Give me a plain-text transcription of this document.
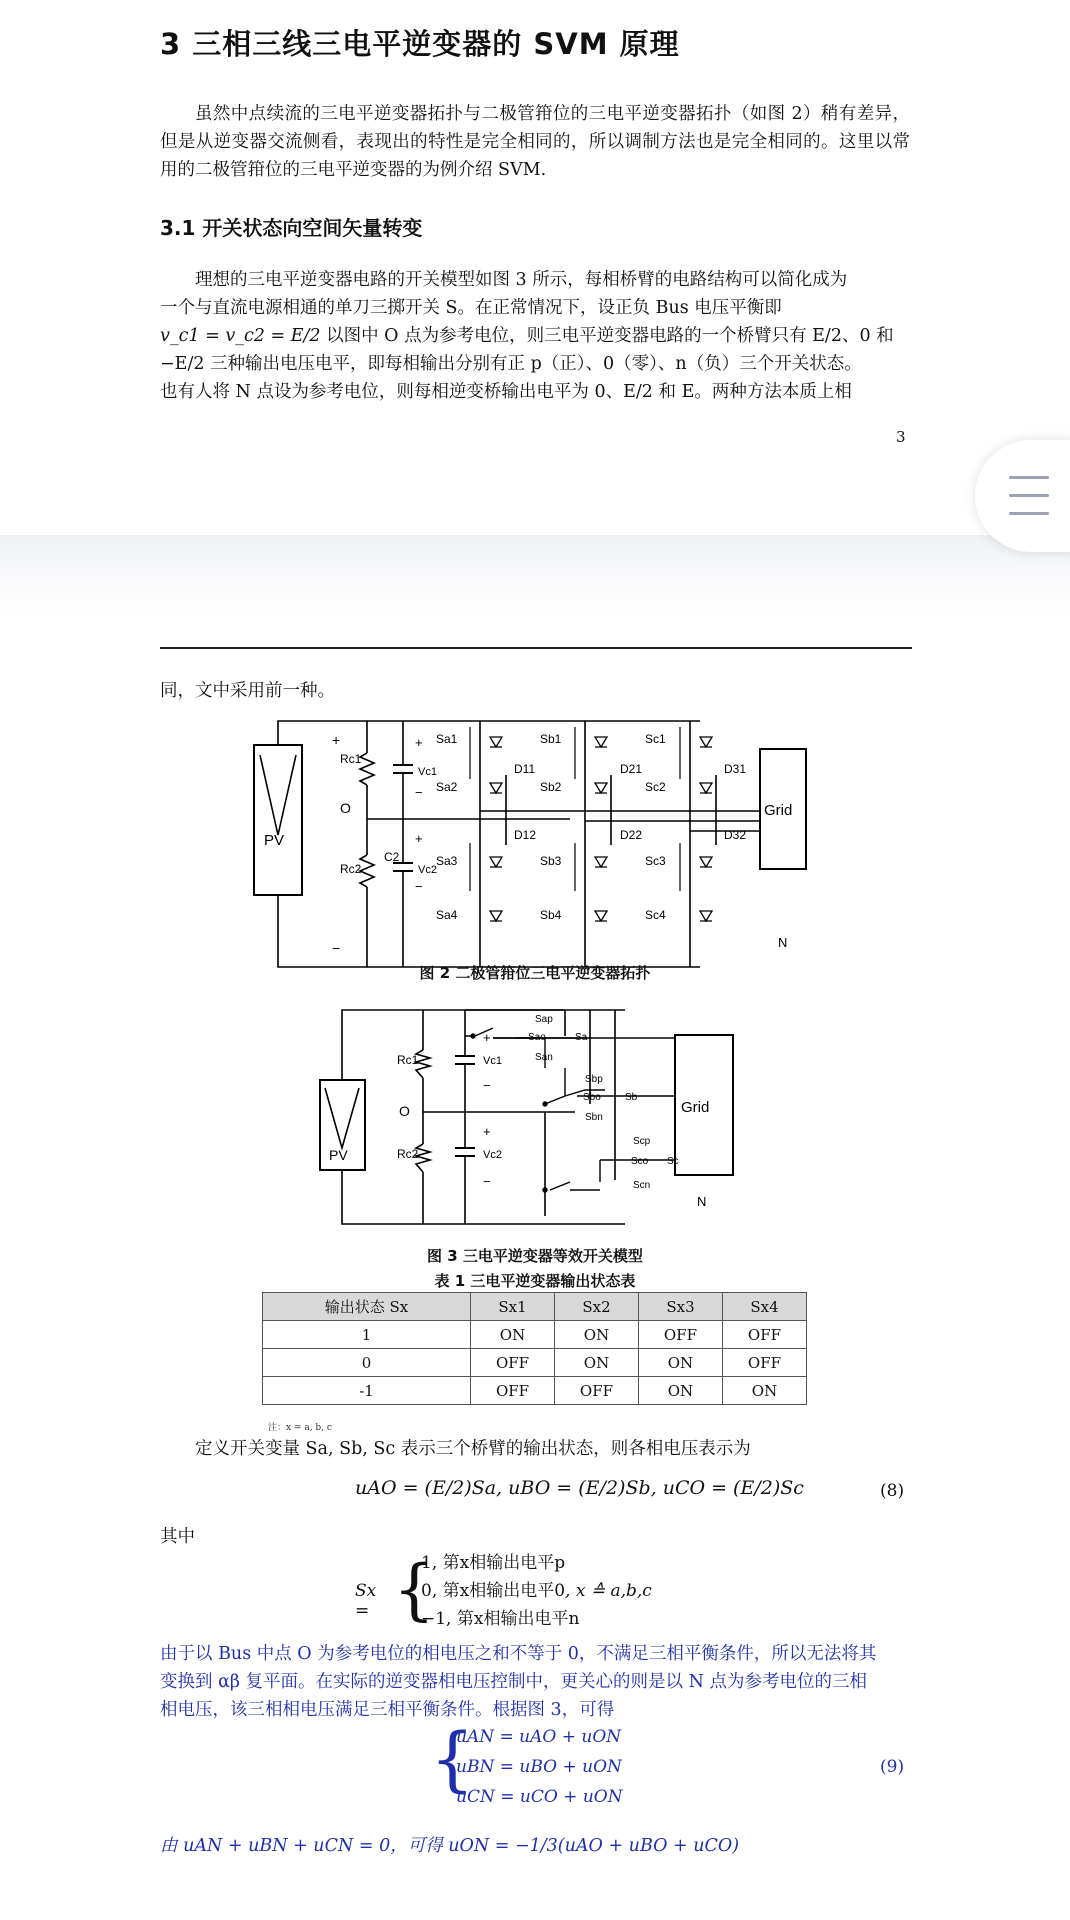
3 三相三线三电平逆变器的 SVM 原理

虽然中点续流的三电平逆变器拓扑与二极管箝位的三电平逆变器拓扑（如图 2）稍有差异，但是从逆变器交流侧看，表现出的特性是完全相同的，所以调制方法也是完全相同的。这里以常用的二极管箝位的三电平逆变器的为例介绍 SVM.

3.1 开关状态向空间矢量转变

理想的三电平逆变器电路的开关模型如图 3 所示，每相桥臂的电路结构可以简化成为

一个与直流电源相通的单刀三掷开关 S。在正常情况下，设正负 Bus 电压平衡即

v_c1 = v_c2 = E/2 以图中 O 点为参考电位，则三电平逆变器电路的一个桥臂只有 E/2、0 和

−E/2 三种输出电压电平，即每相输出分别有正 p（正）、0（零）、n（负）三个开关状态。

也有人将 N 点设为参考电位，则每相逆变桥输出电平为 0、E/2 和 E。两种方法本质上相

3

同，文中采用前一种。

PV
Rc1
Rc2
+
−
O
Vc1
Vc2
C2
+
−
+
−
Sa1	Sb1	Sc1
Sa2	Sb2	Sc2
Sa3	Sb3	Sc3
Sa4	Sb4	Sc4
D11	D21	D31
D12	D22	D32
Grid
N
图 2 二极管箝位三电平逆变器拓扑
PV
Rc1
Rc2
O
Vc1
Vc2
+
−
+
−
Grid
N
Sap
Sao	Sa
San
Sbp
Sbo Sb
Sbn
Scp
Sco Sc
Scn
图 3 三电平逆变器等效开关模型
表 1 三电平逆变器输出状态表
输出状态 Sx	Sx1	Sx2	Sx3	Sx4
1	ON	ON	OFF	OFF
0	OFF	ON	ON	OFF
-1	OFF	OFF	ON	ON
注：x = a, b, c

定义开关变量 Sa, Sb, Sc 表示三个桥臂的输出状态，则各相电压表示为

uAO = (E/2)Sa, uBO = (E/2)Sb, uCO = (E/2)Sc	(8)

其中

Sx = {
1, 第x相输出电平p
0, 第x相输出电平0, x ≙ a,b,c
−1, 第x相输出电平n

由于以 Bus 中点 O 为参考电位的相电压之和不等于 0，不满足三相平衡条件，所以无法将其

变换到 αβ 复平面。在实际的逆变器相电压控制中，更关心的则是以 N 点为参考电位的三相

相电压，该三相相电压满足三相平衡条件。根据图 3，可得

{
uAN = uAO + uON
uBN = uBO + uON
uCN = uCO + uON
(9)

由 uAN + uBN + uCN = 0，可得 uON = −1/3(uAO + uBO + uCO)
